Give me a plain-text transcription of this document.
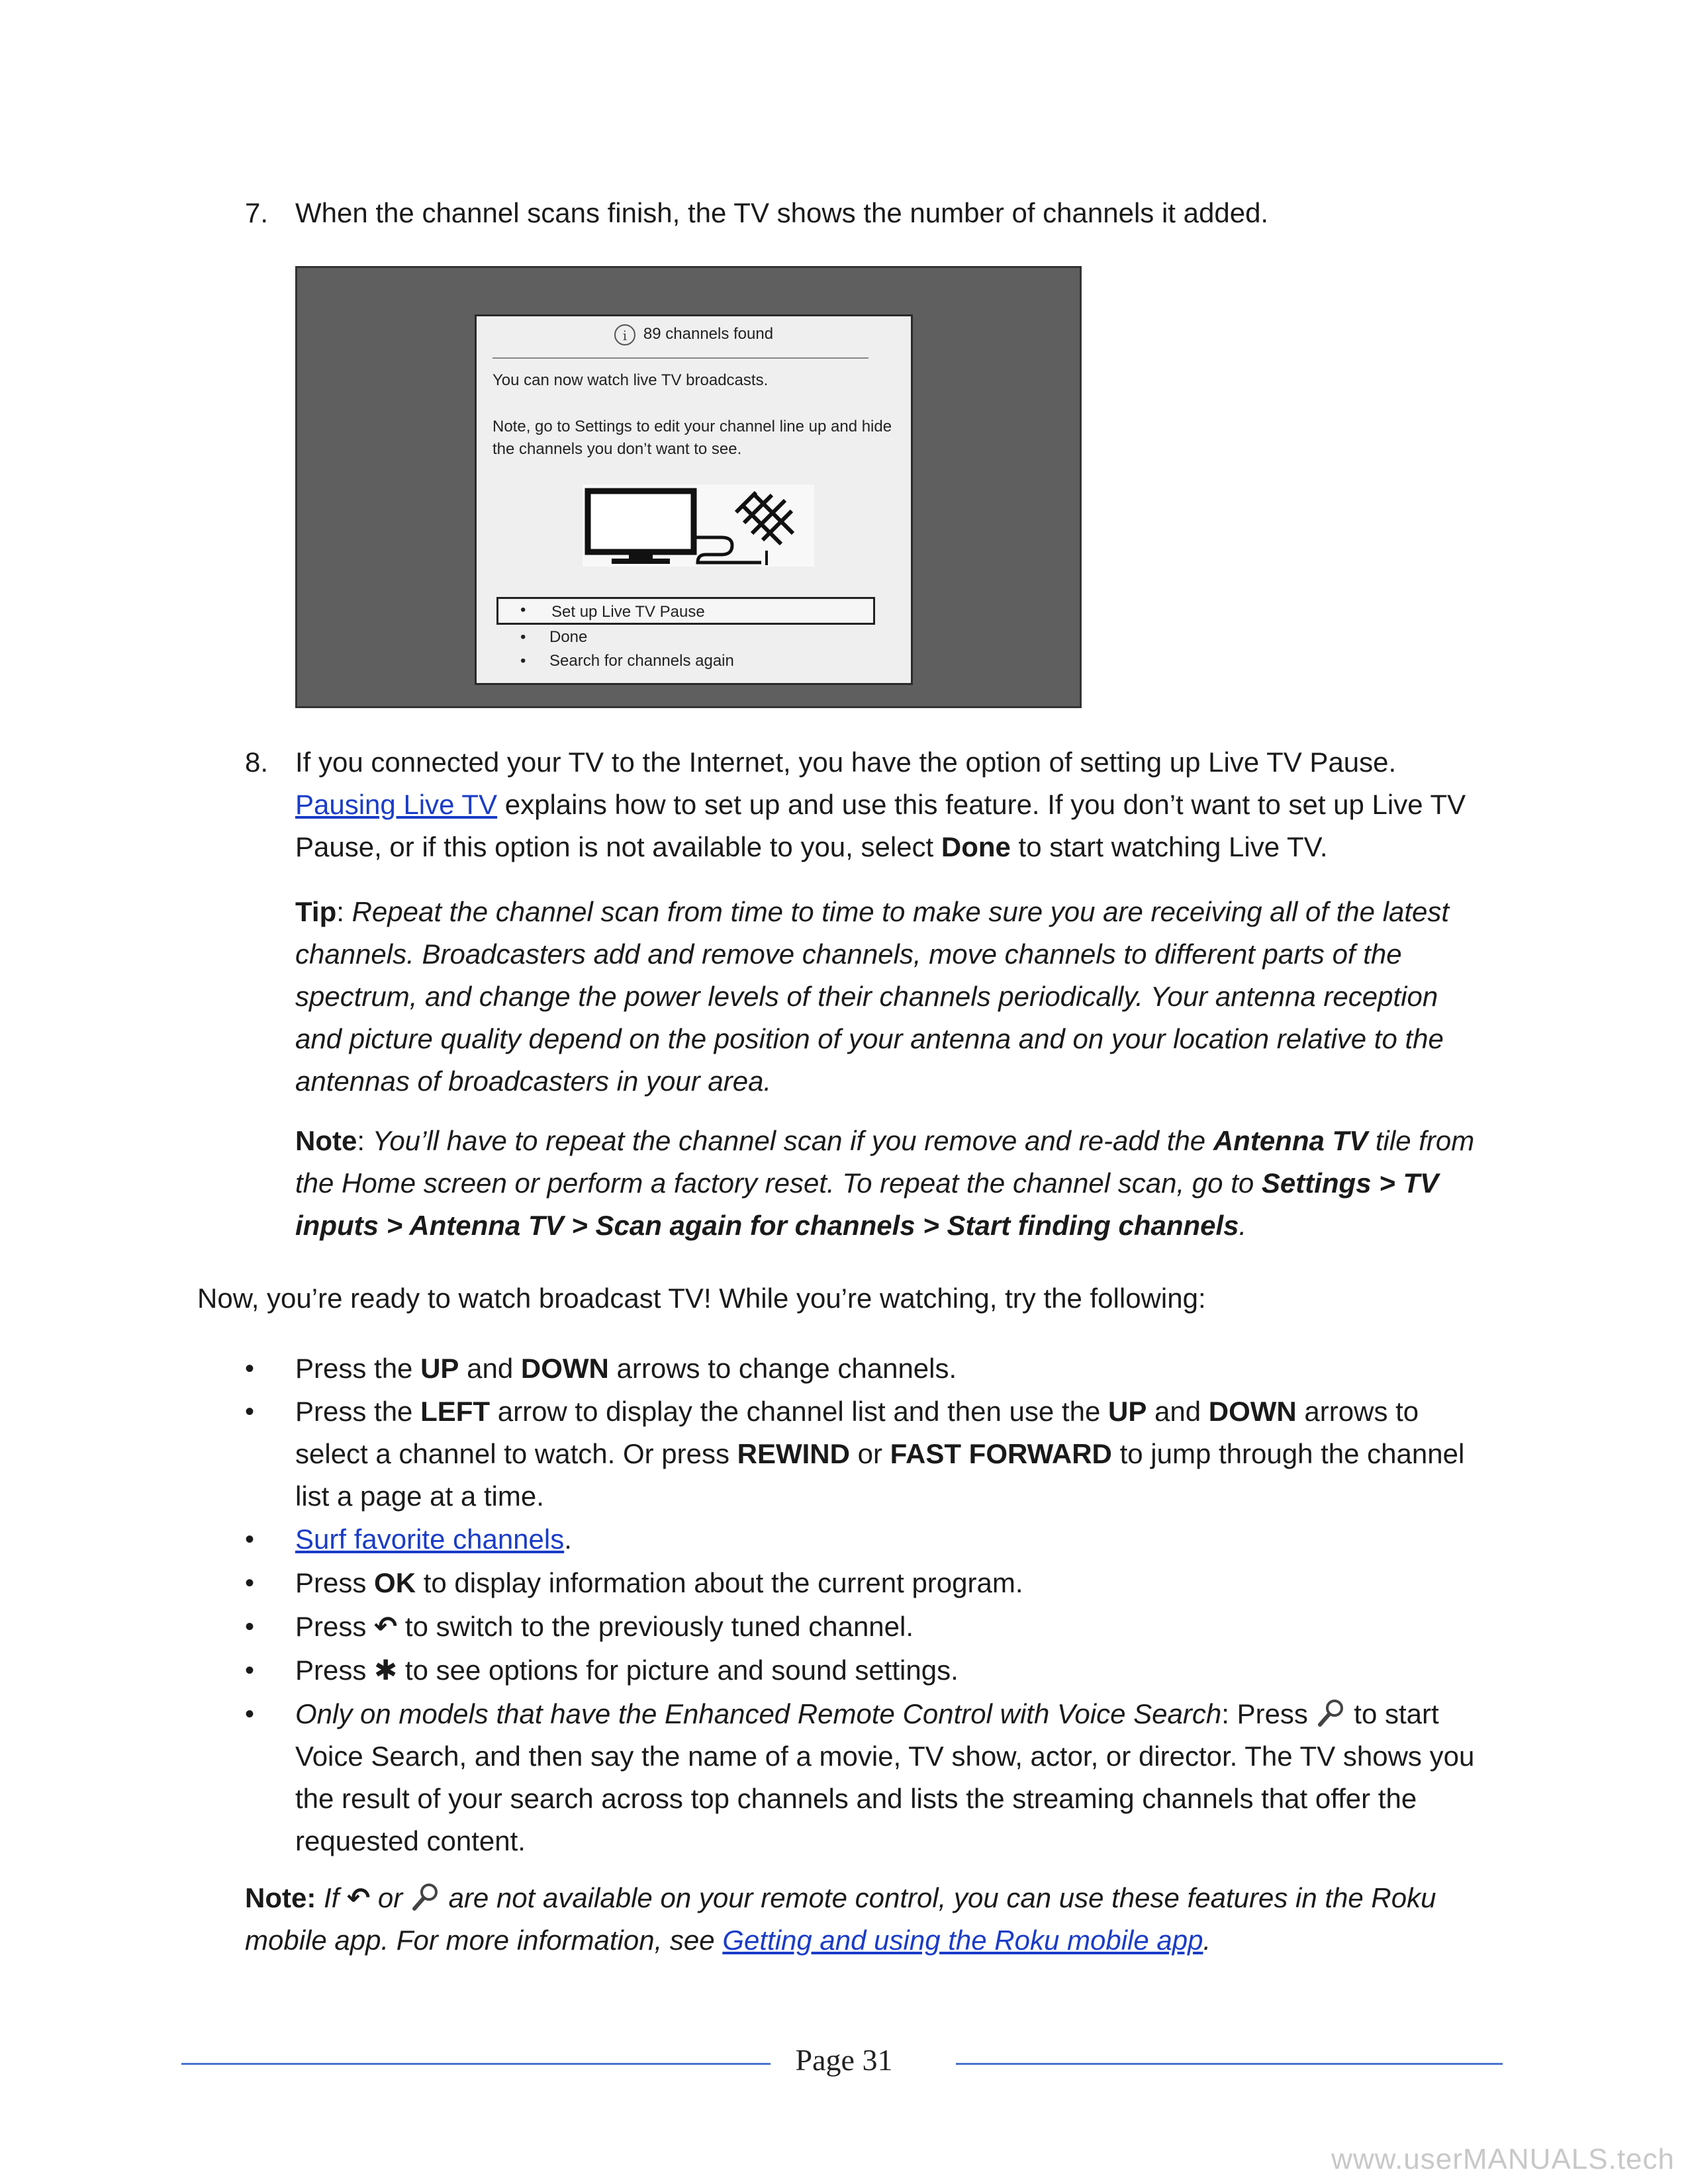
7. When the channel scans finish, the TV shows the number of channels it added.
i 89 channels found
You can now watch live TV broadcasts.
Note, go to Settings to edit your channel line up and hide the channels you don’t want to see.
• Set up Live TV Pause
• Done
• Search for channels again
8. If you connected your TV to the Internet, you have the option of setting up Live TV Pause.
Pausing Live TV explains how to set up and use this feature. If you don’t want to set up Live TV Pause, or if this option is not available to you, select Done to start watching Live TV.
Tip: Repeat the channel scan from time to time to make sure you are receiving all of the latest channels. Broadcasters add and remove channels, move channels to different parts of the spectrum, and change the power levels of their channels periodically. Your antenna reception and picture quality depend on the position of your antenna and on your location relative to the antennas of broadcasters in your area.
Note: You’ll have to repeat the channel scan if you remove and re-add the Antenna TV tile from the Home screen or perform a factory reset. To repeat the channel scan, go to Settings > TV inputs > Antenna TV > Scan again for channels > Start finding channels.
Now, you’re ready to watch broadcast TV! While you’re watching, try the following:
• Press the UP and DOWN arrows to change channels.
• Press the LEFT arrow to display the channel list and then use the UP and DOWN arrows to select a channel to watch. Or press REWIND or FAST FORWARD to jump through the channel list a page at a time.
• Surf favorite channels.
• Press OK to display information about the current program.
• Press ↶ to switch to the previously tuned channel.
• Press ✱ to see options for picture and sound settings.
• Only on models that have the Enhanced Remote Control with Voice Search: Press  to start Voice Search, and then say the name of a movie, TV show, actor, or director. The TV shows you the result of your search across top channels and lists the streaming channels that offer the requested content.
Note: If ↶ or  are not available on your remote control, you can use these features in the Roku mobile app. For more information, see Getting and using the Roku mobile app.
Page 31
www.userMANUALS.tech
